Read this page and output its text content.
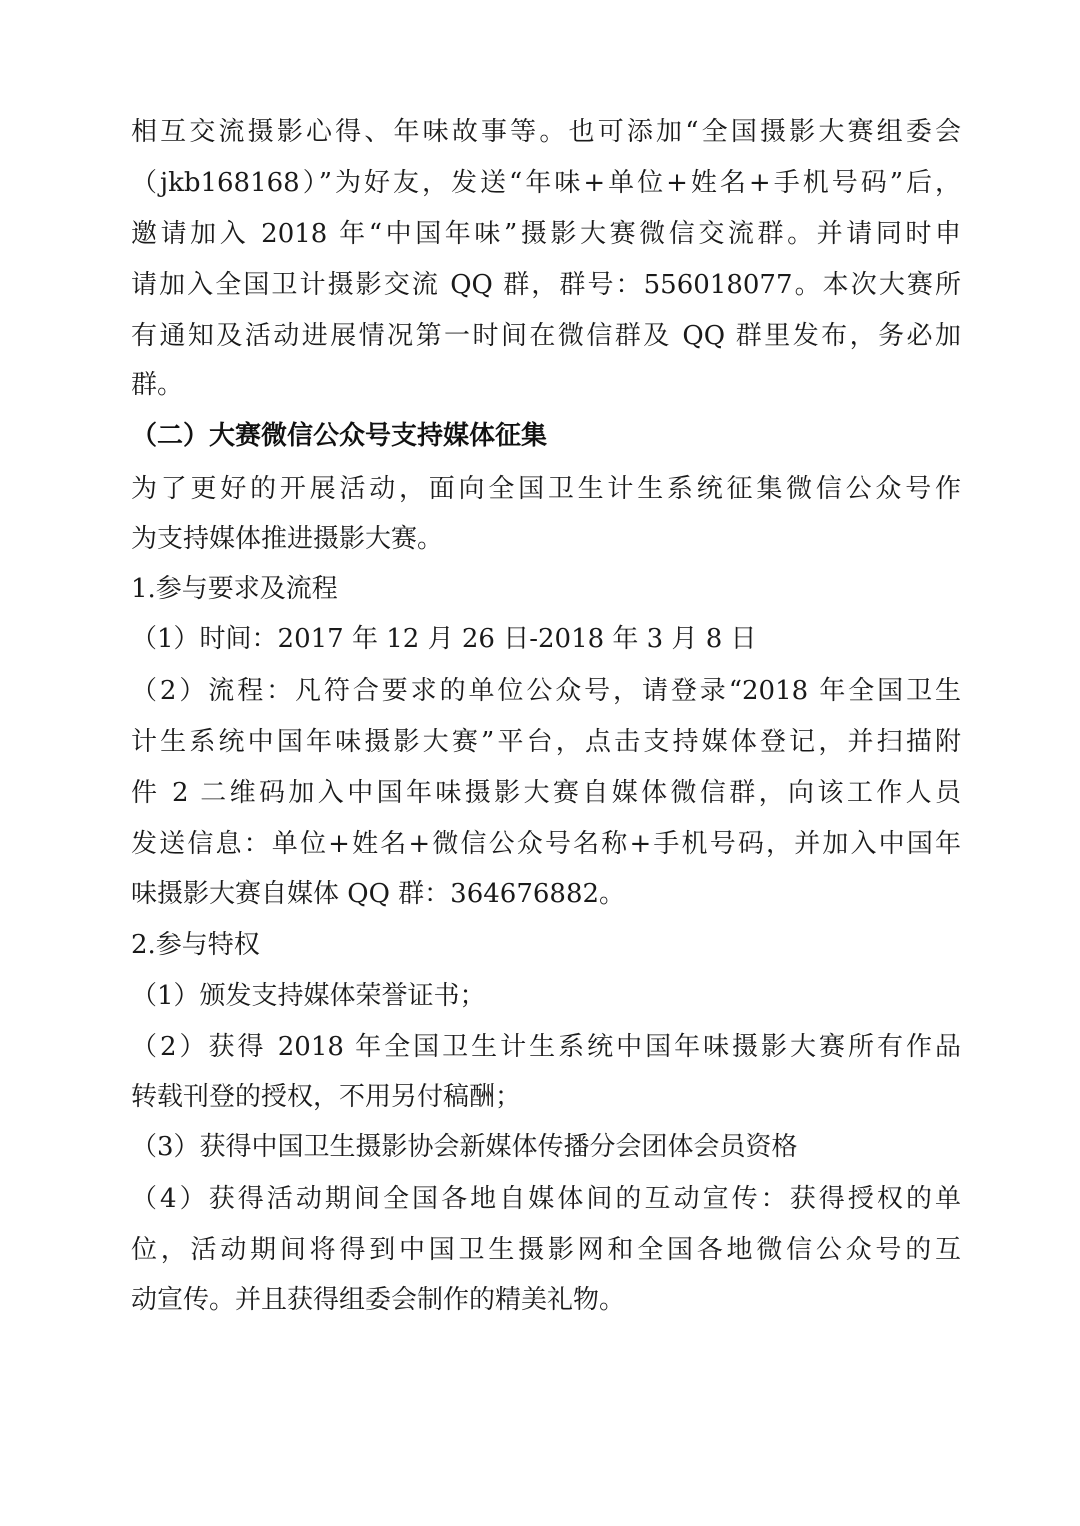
相互交流摄影心得、年味故事等。也可添加“全国摄影大赛组委会
（jkb168168）”为好友，发送“年味+单位+姓名+手机号码”后，
邀请加入 2018 年“中国年味”摄影大赛微信交流群。并请同时申
请加入全国卫计摄影交流 QQ 群，群号：556018077。本次大赛所
有通知及活动进展情况第一时间在微信群及 QQ 群里发布，务必加
群。
（二）大赛微信公众号支持媒体征集
为了更好的开展活动，面向全国卫生计生系统征集微信公众号作
为支持媒体推进摄影大赛。
1.参与要求及流程
（1）时间：2017 年 12 月 26 日-2018 年 3 月 8 日
（2）流程：凡符合要求的单位公众号，请登录“2018 年全国卫生
计生系统中国年味摄影大赛”平台，点击支持媒体登记，并扫描附
件 2 二维码加入中国年味摄影大赛自媒体微信群，向该工作人员
发送信息：单位+姓名+微信公众号名称+手机号码，并加入中国年
味摄影大赛自媒体 QQ 群：364676882。
2.参与特权
（1）颁发支持媒体荣誉证书；
（2）获得 2018 年全国卫生计生系统中国年味摄影大赛所有作品
转载刊登的授权，不用另付稿酬；
（3）获得中国卫生摄影协会新媒体传播分会团体会员资格
（4）获得活动期间全国各地自媒体间的互动宣传：获得授权的单
位，活动期间将得到中国卫生摄影网和全国各地微信公众号的互
动宣传。并且获得组委会制作的精美礼物。
